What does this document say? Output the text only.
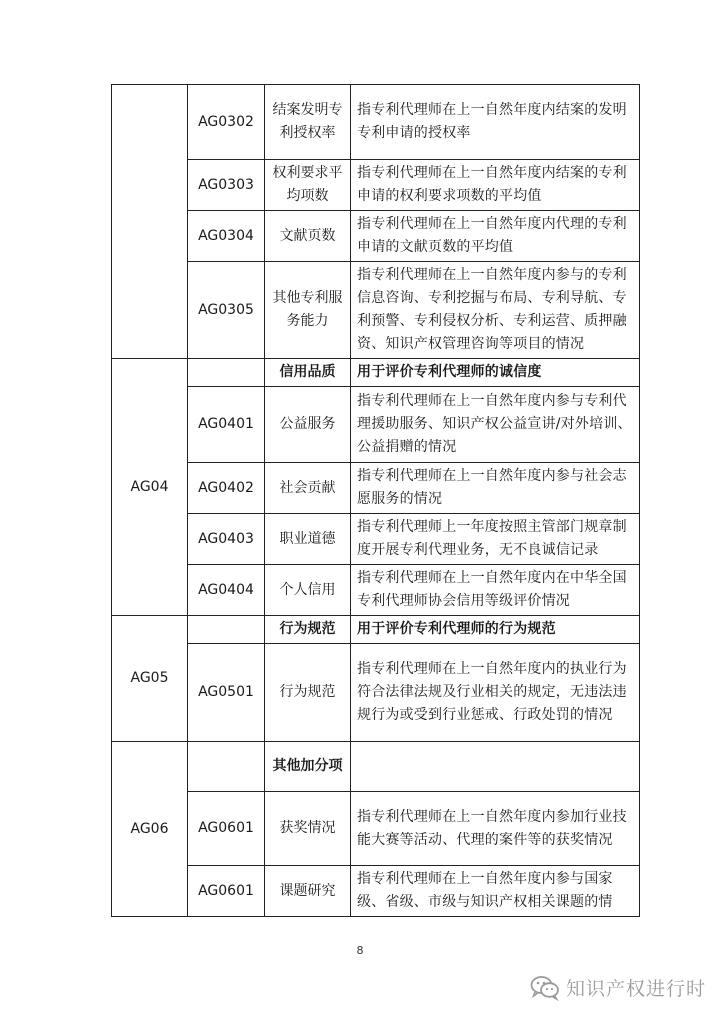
	AG0302	结案发明专利授权率	指专利代理师在上一自然年度内结案的发明专利申请的授权率
	AG0303	权利要求平均项数	指专利代理师在上一自然年度内结案的专利申请的权利要求项数的平均值
	AG0304	文献页数	指专利代理师在上一自然年度内代理的专利申请的文献页数的平均值
	AG0305	其他专利服务能力	指专利代理师在上一自然年度内参与的专利信息咨询、专利挖掘与布局、专利导航、专利预警、专利侵权分析、专利运营、质押融资、知识产权管理咨询等项目的情况
AG04		信用品质	用于评价专利代理师的诚信度
	AG0401	公益服务	指专利代理师在上一自然年度内参与专利代理援助服务、知识产权公益宣讲/对外培训、公益捐赠的情况
	AG0402	社会贡献	指专利代理师在上一自然年度内参与社会志愿服务的情况
	AG0403	职业道德	指专利代理师上一年度按照主管部门规章制度开展专利代理业务，无不良诚信记录
	AG0404	个人信用	指专利代理师在上一自然年度内在中华全国专利代理师协会信用等级评价情况
AG05		行为规范	用于评价专利代理师的行为规范
	AG0501	行为规范	指专利代理师在上一自然年度内的执业行为符合法律法规及行业相关的规定，无违法违规行为或受到行业惩戒、行政处罚的情况
AG06		其他加分项	
	AG0601	获奖情况	指专利代理师在上一自然年度内参加行业技能大赛等活动、代理的案件等的获奖情况
	AG0601	课题研究	指专利代理师在上一自然年度内参与国家级、省级、市级与知识产权相关课题的情
8
知识产权进行时
